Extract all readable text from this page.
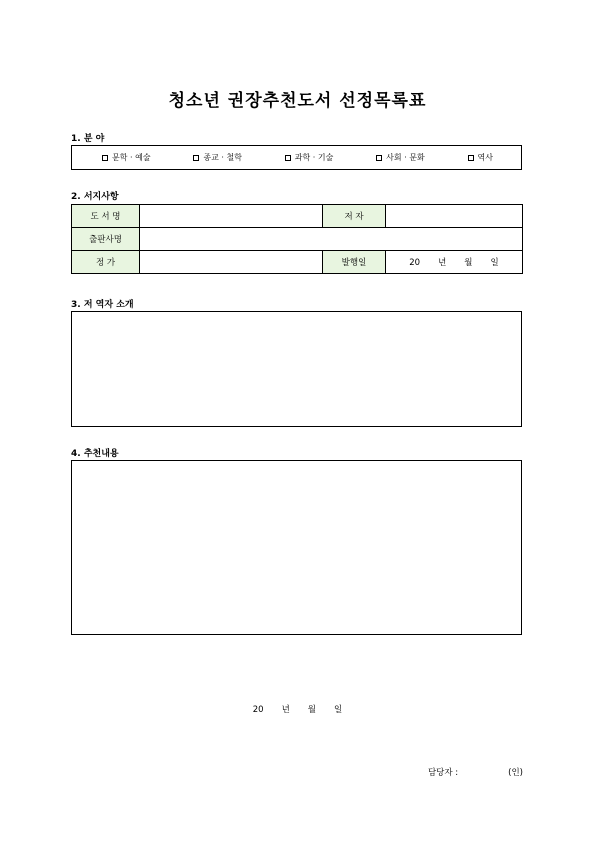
청소년 권장추천도서 선정목록표
1. 분 야
문학 · 예술	종교 · 철학	과학 · 기술	사회 · 문화	역사
2. 서지사항
도 서 명		저 자	
출판사명			
정 가		발행일	20 년 월 일
3. 저 역자 소개
4. 추천내용
20 년 월 일
담당자 :	(인)
